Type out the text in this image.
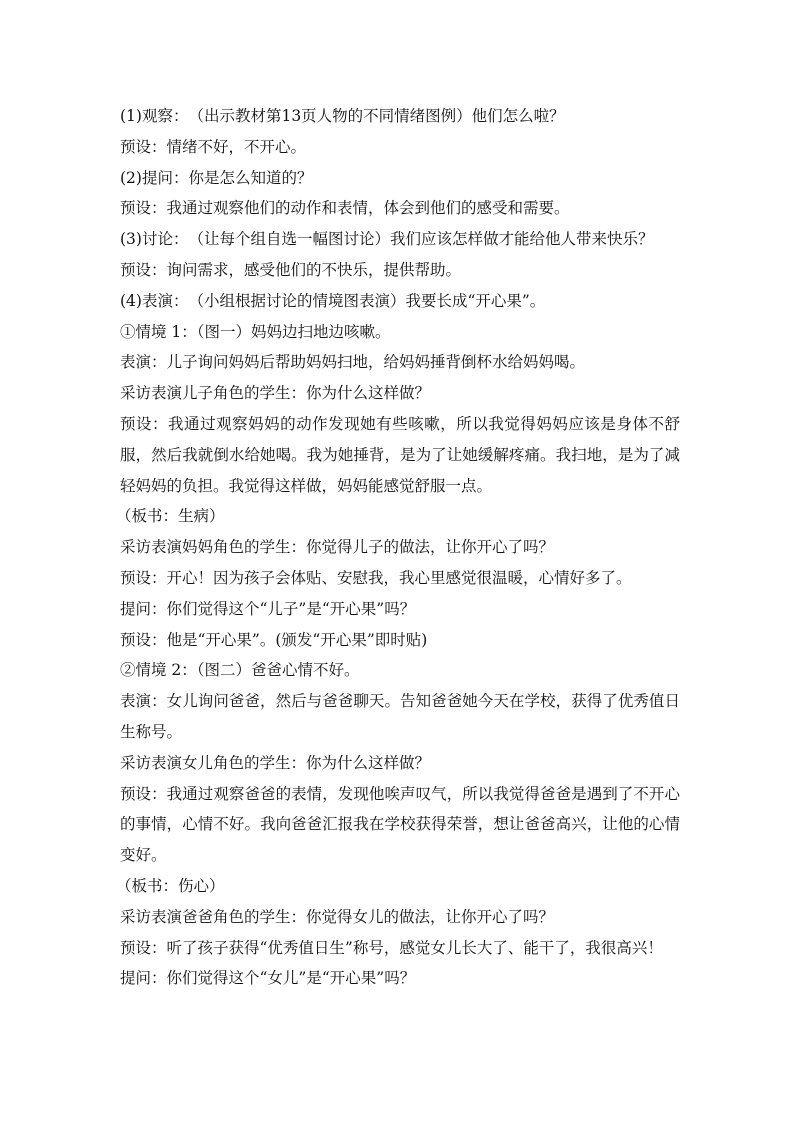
(1)观察：　（出示教材第13页人物的不同情绪图例）他们怎么啦？
预设：情绪不好，不开心。
(2)提问：你是怎么知道的？
预设：我通过观察他们的动作和表情，体会到他们的感受和需要。
(3)讨论：　（让每个组自选一幅图讨论）我们应该怎样做才能给他人带来快乐？
预设：询问需求，感受他们的不快乐，提供帮助。
(4)表演：　（小组根据讨论的情境图表演）我要长成“开心果”。
①情境 1：（图一）妈妈边扫地边咳嗽。
表演：儿子询问妈妈后帮助妈妈扫地，给妈妈捶背倒杯水给妈妈喝。
采访表演儿子角色的学生：你为什么这样做？
预设：我通过观察妈妈的动作发现她有些咳嗽，所以我觉得妈妈应该是身体不舒服，然后我就倒水给她喝。我为她捶背，是为了让她缓解疼痛。我扫地，是为了减轻妈妈的负担。我觉得这样做，妈妈能感觉舒服一点。
（板书：生病）
采访表演妈妈角色的学生：你觉得儿子的做法，让你开心了吗？
预设：开心！因为孩子会体贴、安慰我，我心里感觉很温暖，心情好多了。
提问：你们觉得这个“儿子”是“开心果”吗？
预设：他是“开心果”。(颁发“开心果”即时贴)
②情境 2：（图二）爸爸心情不好。
表演：女儿询问爸爸，然后与爸爸聊天。告知爸爸她今天在学校，获得了优秀值日生称号。
采访表演女儿角色的学生：你为什么这样做？
预设：我通过观察爸爸的表情，发现他唉声叹气，所以我觉得爸爸是遇到了不开心的事情，心情不好。我向爸爸汇报我在学校获得荣誉，想让爸爸高兴，让他的心情变好。
（板书：伤心）
采访表演爸爸角色的学生：你觉得女儿的做法，让你开心了吗？
预设：听了孩子获得“优秀值日生”称号，感觉女儿长大了、能干了，我很高兴！
提问：你们觉得这个“女儿”是“开心果”吗？
